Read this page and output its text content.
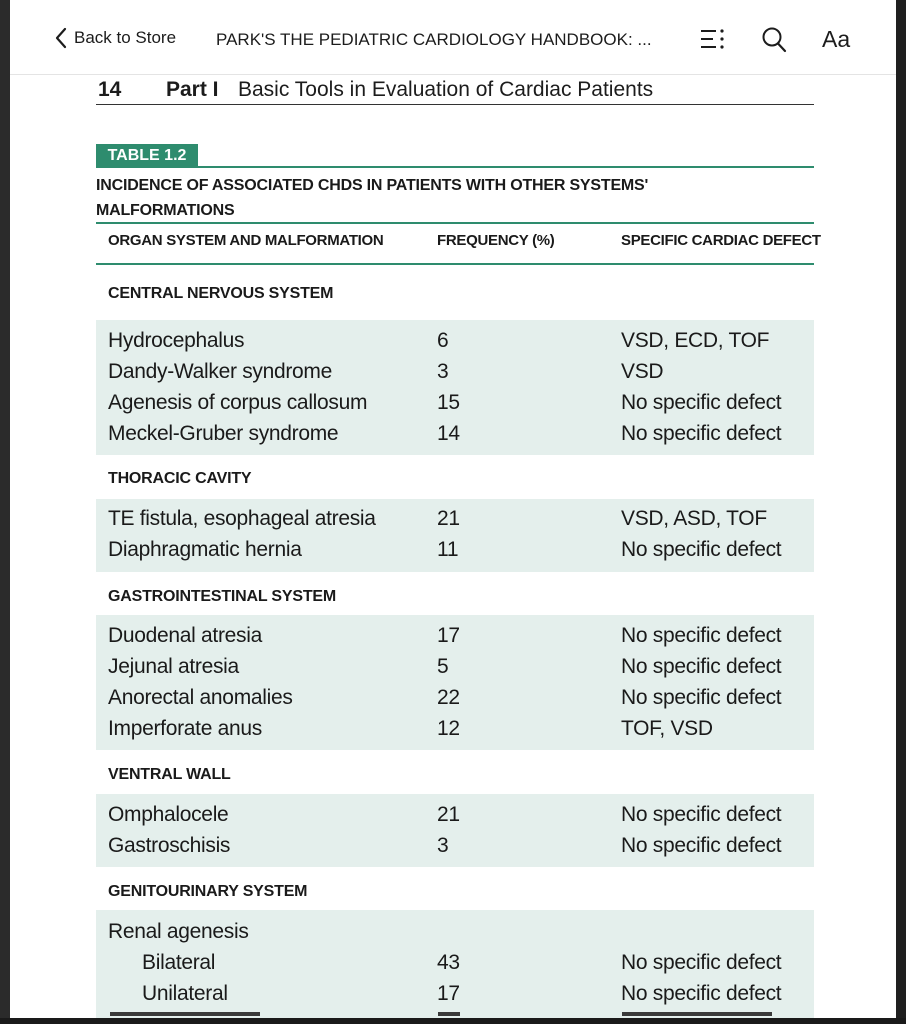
Back to Store PARK'S THE PEDIATRIC CARDIOLOGY HANDBOOK: ...	Aa
14 Part I Basic Tools in Evaluation of Cardiac Patients
TABLE 1.2
INCIDENCE OF ASSOCIATED CHDS IN PATIENTS WITH OTHER SYSTEMS'
MALFORMATIONS
ORGAN SYSTEM AND MALFORMATION	FREQUENCY (%)	SPECIFIC CARDIAC DEFECT
CENTRAL NERVOUS SYSTEM
Hydrocephalus	6	VSD, ECD, TOF
Dandy-Walker syndrome	3	VSD
Agenesis of corpus callosum	15	No specific defect
Meckel-Gruber syndrome	14	No specific defect
THORACIC CAVITY
TE fistula, esophageal atresia	21	VSD, ASD, TOF
Diaphragmatic hernia	11	No specific defect
GASTROINTESTINAL SYSTEM
Duodenal atresia	17	No specific defect
Jejunal atresia	5	No specific defect
Anorectal anomalies	22	No specific defect
Imperforate anus	12	TOF, VSD
VENTRAL WALL
Omphalocele	21	No specific defect
Gastroschisis	3	No specific defect
GENITOURINARY SYSTEM
Renal agenesis
Bilateral	43	No specific defect
Unilateral	17	No specific defect
